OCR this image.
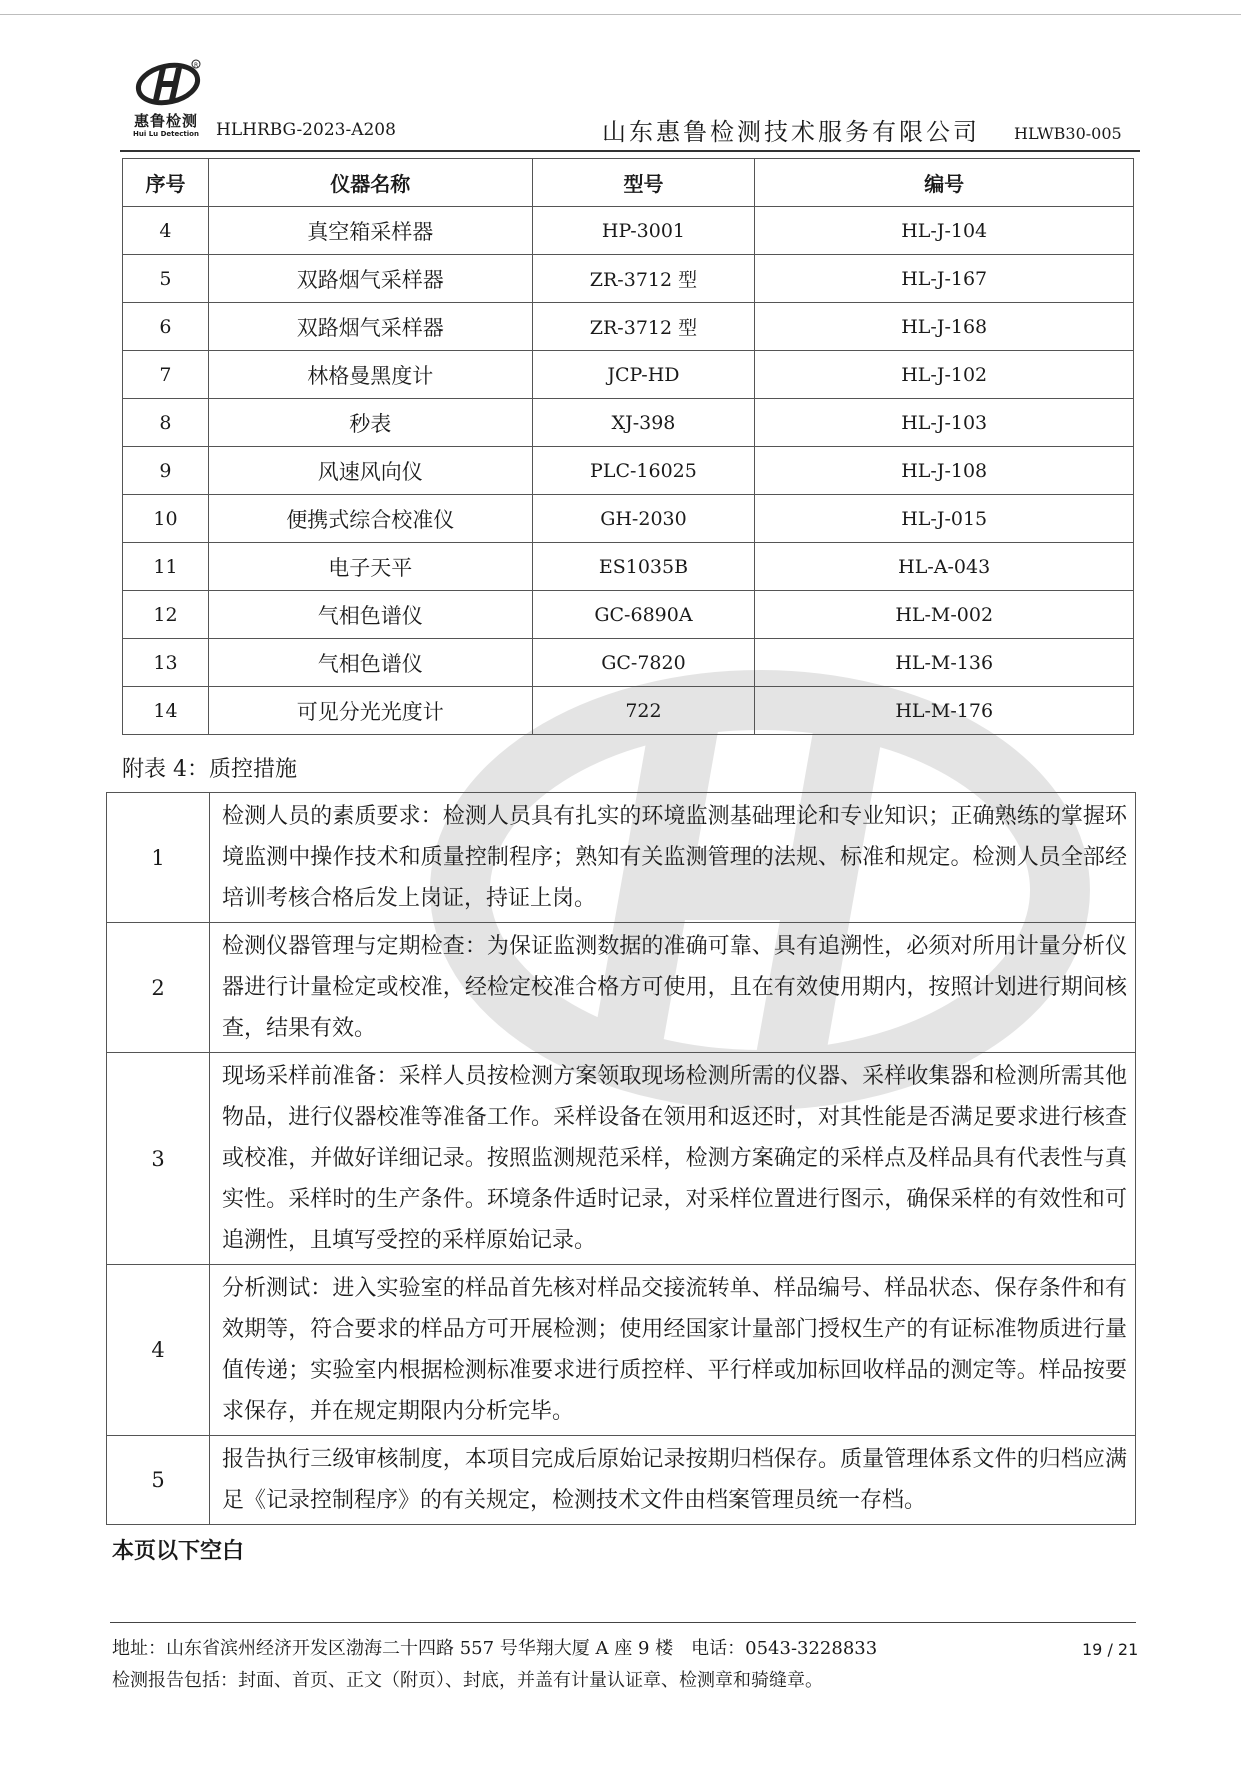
R
惠鲁检测
Hui Lu Detection	HLHRBG-2023-A208	山东惠鲁检测技术服务有限公司 HLWB30-005
序号	仪器名称	型号	编号
4	真空箱采样器	HP-3001	HL-J-104
5	双路烟气采样器	ZR-3712 型	HL-J-167
6	双路烟气采样器	ZR-3712 型	HL-J-168
7	林格曼黑度计	JCP-HD	HL-J-102
8	秒表	XJ-398	HL-J-103
9	风速风向仪	PLC-16025	HL-J-108
10	便携式综合校准仪	GH-2030	HL-J-015
11	电子天平	ES1035B	HL-A-043
12	气相色谱仪	GC-6890A	HL-M-002
13	气相色谱仪	GC-7820	HL-M-136
14	可见分光光度计	722	HL-M-176
附表 4：质控措施
1	检测人员的素质要求：检测人员具有扎实的环境监测基础理论和专业知识；正确熟练的掌握环境监测中操作技术和质量控制程序；熟知有关监测管理的法规、标准和规定。检测人员全部经培训考核合格后发上岗证，持证上岗。
2	检测仪器管理与定期检查：为保证监测数据的准确可靠、具有追溯性，必须对所用计量分析仪器进行计量检定或校准，经检定校准合格方可使用，且在有效使用期内，按照计划进行期间核查，结果有效。
3	现场采样前准备：采样人员按检测方案领取现场检测所需的仪器、采样收集器和检测所需其他物品，进行仪器校准等准备工作。采样设备在领用和返还时，对其性能是否满足要求进行核查或校准，并做好详细记录。按照监测规范采样，检测方案确定的采样点及样品具有代表性与真实性。采样时的生产条件。环境条件适时记录，对采样位置进行图示，确保采样的有效性和可追溯性，且填写受控的采样原始记录。
4	分析测试：进入实验室的样品首先核对样品交接流转单、样品编号、样品状态、保存条件和有效期等，符合要求的样品方可开展检测；使用经国家计量部门授权生产的有证标准物质进行量值传递；实验室内根据检测标准要求进行质控样、平行样或加标回收样品的测定等。样品按要求保存，并在规定期限内分析完毕。
5	报告执行三级审核制度，本项目完成后原始记录按期归档保存。质量管理体系文件的归档应满足《记录控制程序》的有关规定，检测技术文件由档案管理员统一存档。
本页以下空白
地址：山东省滨州经济开发区渤海二十四路 557 号华翔大厦 A 座 9 楼　电话：0543-3228833	19 / 21
检测报告包括：封面、首页、正文（附页）、封底，并盖有计量认证章、检测章和骑缝章。
